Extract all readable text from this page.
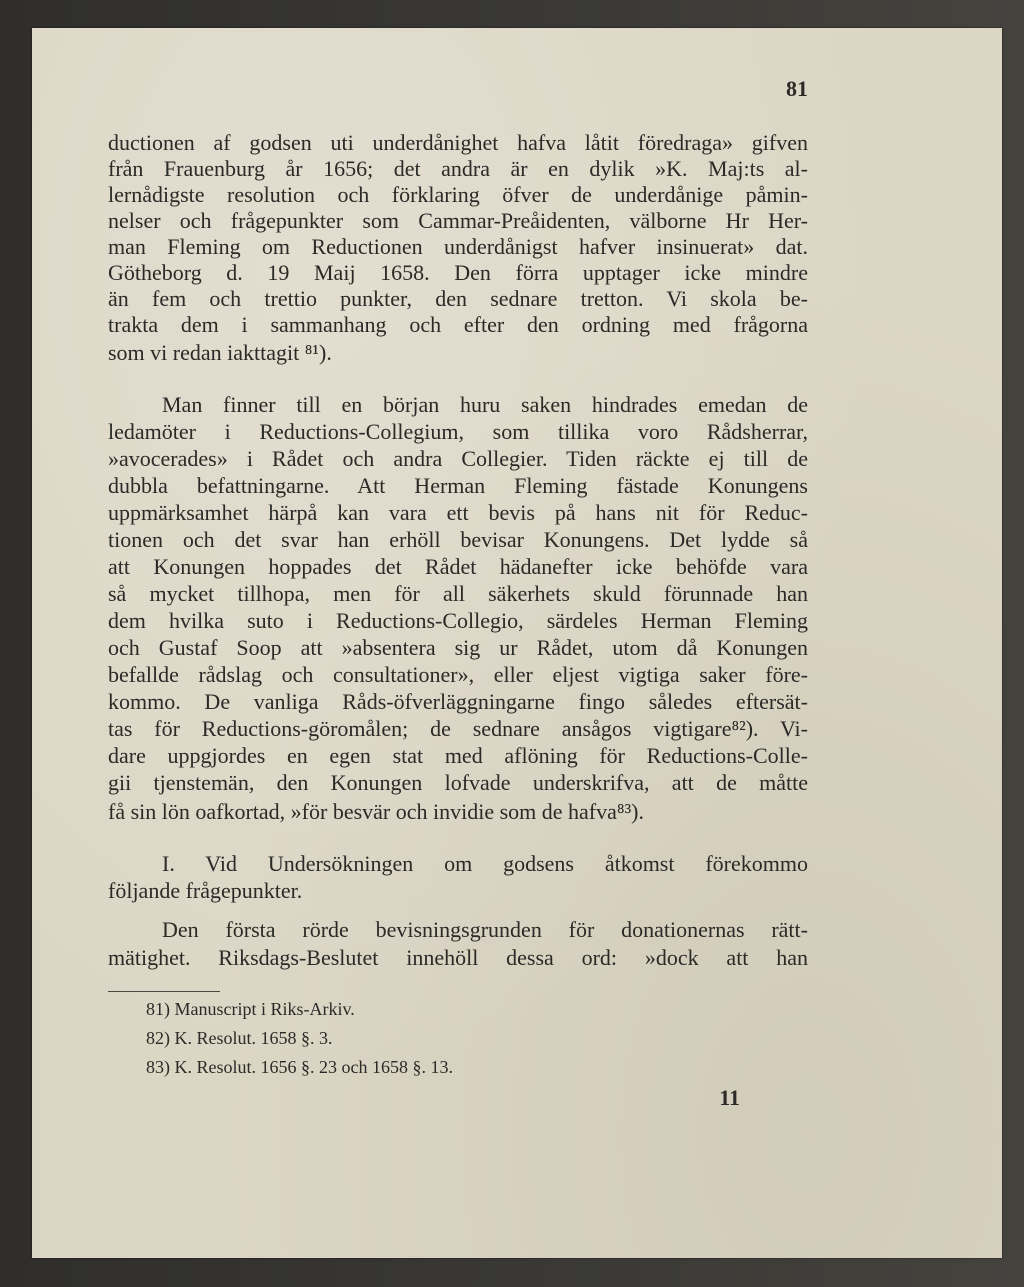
81
ductionen af godsen uti underdånighet hafva låtit föredraga» gifven
från Frauenburg år 1656; det andra är en dylik »K. Maj:ts al-
lernådigste resolution och förklaring öfver de underdånige påmin-
nelser och frågepunkter som Cammar-Preåidenten, välborne Hr Her-
man Fleming om Reductionen underdånigst hafver insinuerat» dat.
Götheborg d. 19 Maij 1658. Den förra upptager icke mindre
än fem och trettio punkter, den sednare tretton. Vi skola be-
trakta dem i sammanhang och efter den ordning med frågorna
som vi redan iakttagit ⁸¹).
Man finner till en början huru saken hindrades emedan de
ledamöter i Reductions-Collegium, som tillika voro Rådsherrar,
»avocerades» i Rådet och andra Collegier. Tiden räckte ej till de
dubbla befattningarne. Att Herman Fleming fästade Konungens
uppmärksamhet härpå kan vara ett bevis på hans nit för Reduc-
tionen och det svar han erhöll bevisar Konungens. Det lydde så
att Konungen hoppades det Rådet hädanefter icke behöfde vara
så mycket tillhopa, men för all säkerhets skuld förunnade han
dem hvilka suto i Reductions-Collegio, särdeles Herman Fleming
och Gustaf Soop att »absentera sig ur Rådet, utom då Konungen
befallde rådslag och consultationer», eller eljest vigtiga saker före-
kommo. De vanliga Råds-öfverläggningarne fingo således eftersät-
tas för Reductions-göromålen; de sednare ansågos vigtigare⁸²). Vi-
dare uppgjordes en egen stat med aflöning för Reductions-Colle-
gii tjenstemän, den Konungen lofvade underskrifva, att de måtte
få sin lön oafkortad, »för besvär och invidie som de hafva⁸³).
I. Vid Undersökningen om godsens åtkomst förekommo
följande frågepunkter.
Den första rörde bevisningsgrunden för donationernas rätt-
mätighet. Riksdags-Beslutet innehöll dessa ord: »dock att han
81) Manuscript i Riks-Arkiv.
82) K. Resolut. 1658 §. 3.
83) K. Resolut. 1656 §. 23 och 1658 §. 13.
11
